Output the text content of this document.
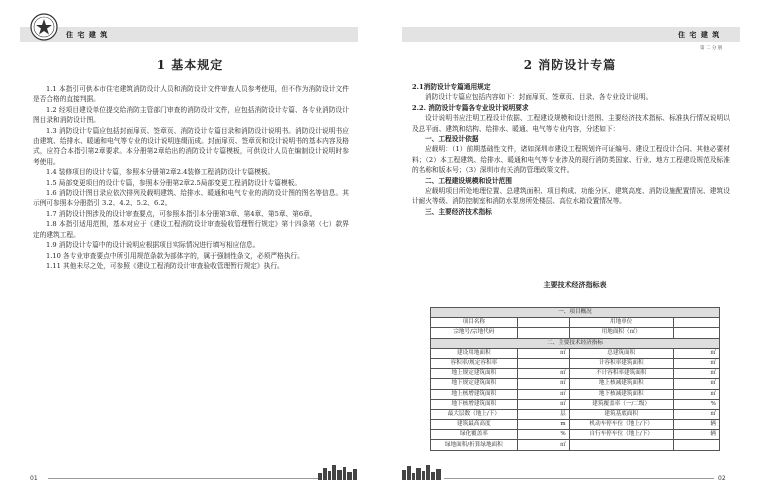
住 宅 建 筑	住 宅 建 筑
第 二 分 册
1 基本规定

1.1 本指引可供本市住宅建筑消防设计人员和消防设计文件审查人员参考使用，但不作为消防设计文件是否合格的直接判据。

1.2 经项目建设单位提交给消防主管部门审查的消防设计文件，应包括消防设计专篇、各专业消防设计图目录和消防设计图。

1.3 消防设计专篇应包括封面扉页、签章页、消防设计专篇目录和消防设计说明书。消防设计说明书应由建筑、给排水、暖通和电气等专业的设计说明连缀而成。封面扉页、签章页和设计说明书的基本内容及格式，应符合本指引第2章要求。本分册第2章给出的消防设计专篇模板，可供设计人员在编制设计说明时参考使用。

1.4 装修项目的设计专篇，参照本分册第2章2.4装修工程消防设计专篇模板。

1.5 局部变更项目的设计专篇，参照本分册第2章2.5局部变更工程消防设计专篇模板。

1.6 消防设计图目录应依次排列及载明建筑、给排水、暖通和电气专业的消防设计图的图名等信息。其示例可参照本分册指引 3.2、4.2、5.2、6.2。

1.7 消防设计图涉及的设计审查要点，可参照本指引本分册第3章、第4章、第5章、第6章。

1.8 本指引适用范围，基本对应于《建设工程消防设计审查验收管理暂行规定》第十四条第（七）款界定的建筑工程。

1.9 消防设计专篇中的设计说明应根据项目实际情况进行填写相应信息。

1.10 各专业审查要点中所引用规范条款为部体字的，属于强制性条文，必须严格执行。

1.11 其他未尽之处，可参照《建设工程消防设计审查验收管理暂行规定》执行。

2 消防设计专篇
2.1消防设计专篇通用规定

消防设计专篇应包括内容如下：封面扉页、签章页、目录、各专业设计说明。

2.2. 消防设计专篇各专业设计说明要求

设计说明书应注明工程设计依据、工程建设规模和设计范围、主要经济技术指标、标准执行情况说明以及总平面、建筑和结构、给排水、暖通、电气等专业内容，分述如下：

一、工程设计依据

应载明：（1）前期基础性文件，诸如深圳市建设工程规划许可证编号、建设工程设计合同、其他必要材料；（2）本工程建筑、给排水、暖通和电气等专业涉及的现行消防类国家、行业、地方工程建设规范及标准的名称和版本号；（3）深圳市有关消防管理政策文件。

二、工程建设规模和设计范围

应载明项目所处地理位置、总建筑面积、项目构成、功能分区、建筑高度、消防设施配置情况、建筑设计耐火等级、消防控制室和消防水泵房所处楼层、高位水箱设置情况等。

三、主要经济技术指标
主要技术经济指标表
一、项目概况			
项目名称		用地单位	
宗地号/宗地代码		用地面积（㎡）	
二、主要技术经济指标			
建设用地面积	㎡	总建筑面积	㎡
容积率/规定容积率		计容积率建筑面积	㎡
地上规定建筑面积	㎡	不计容积率建筑面积	㎡
地下规定建筑面积	㎡	地上核减建筑面积	㎡
地上核增建筑面积	㎡	地下核减建筑面积	㎡
地下核增建筑面积	㎡	建筑覆盖率（一/二级）	%
最大层数（地上/下）	层	建筑基底面积	㎡
建筑最高高度	m	机动车停车位（地上/下）	辆
绿化覆盖率	%	自行车停车位（地上/下）	辆
绿地面积/折算绿地面积	㎡		
01	02
